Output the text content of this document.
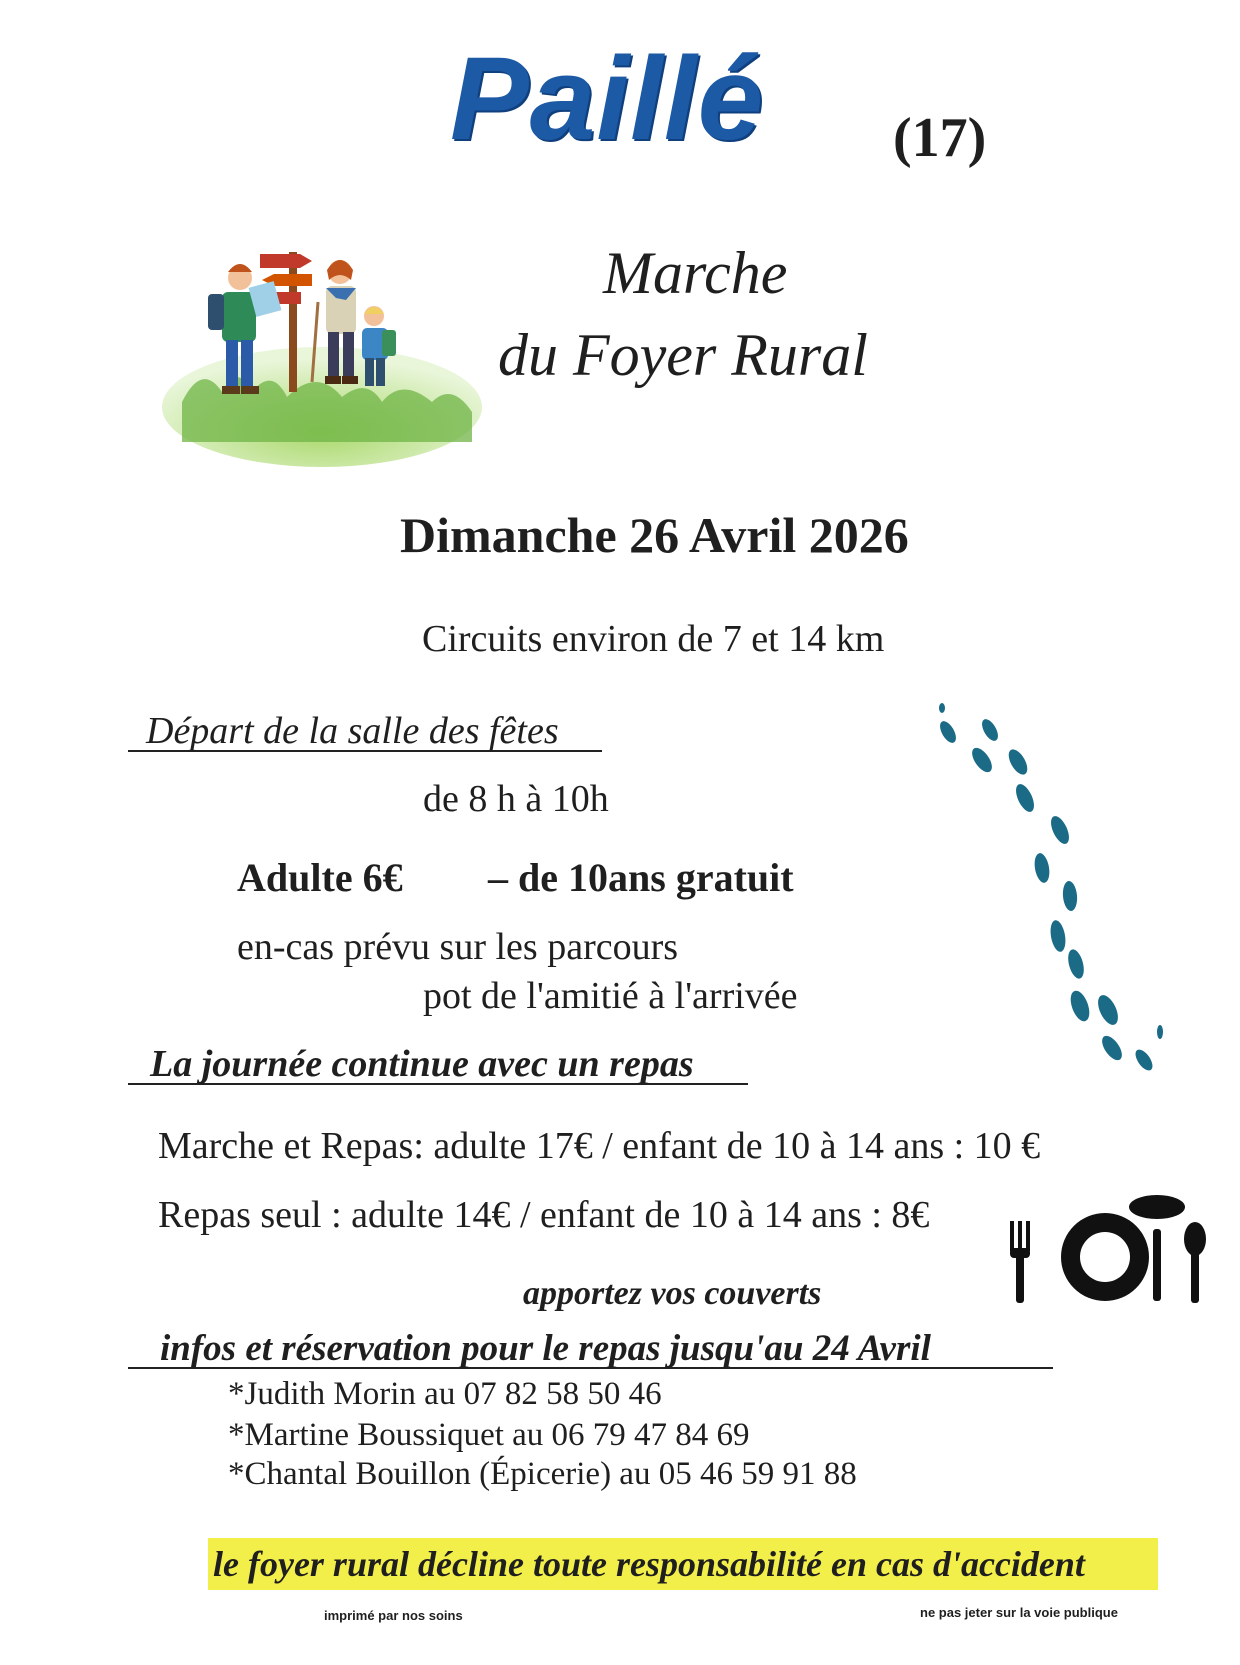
Paillé (17)
Marche
du Foyer Rural
Dimanche 26 Avril 2026
Circuits environ de 7 et 14 km
Départ de la salle des fêtes
de 8 h à 10h
Adulte 6€ – de 10ans gratuit
en-cas prévu sur les parcours
pot de l'amitié à l'arrivée
La journée continue avec un repas
Marche et Repas: adulte 17€ / enfant de 10 à 14 ans : 10 €
Repas seul : adulte 14€ / enfant de 10 à 14 ans : 8€
apportez vos couverts
infos et réservation pour le repas jusqu'au 24 Avril
*Judith Morin au 07 82 58 50 46
*Martine Boussiquet au 06 79 47 84 69
*Chantal Bouillon (Épicerie) au 05 46 59 91 88
le foyer rural décline toute responsabilité en cas d'accident
imprimé par nos soins	ne pas jeter sur la voie publique
